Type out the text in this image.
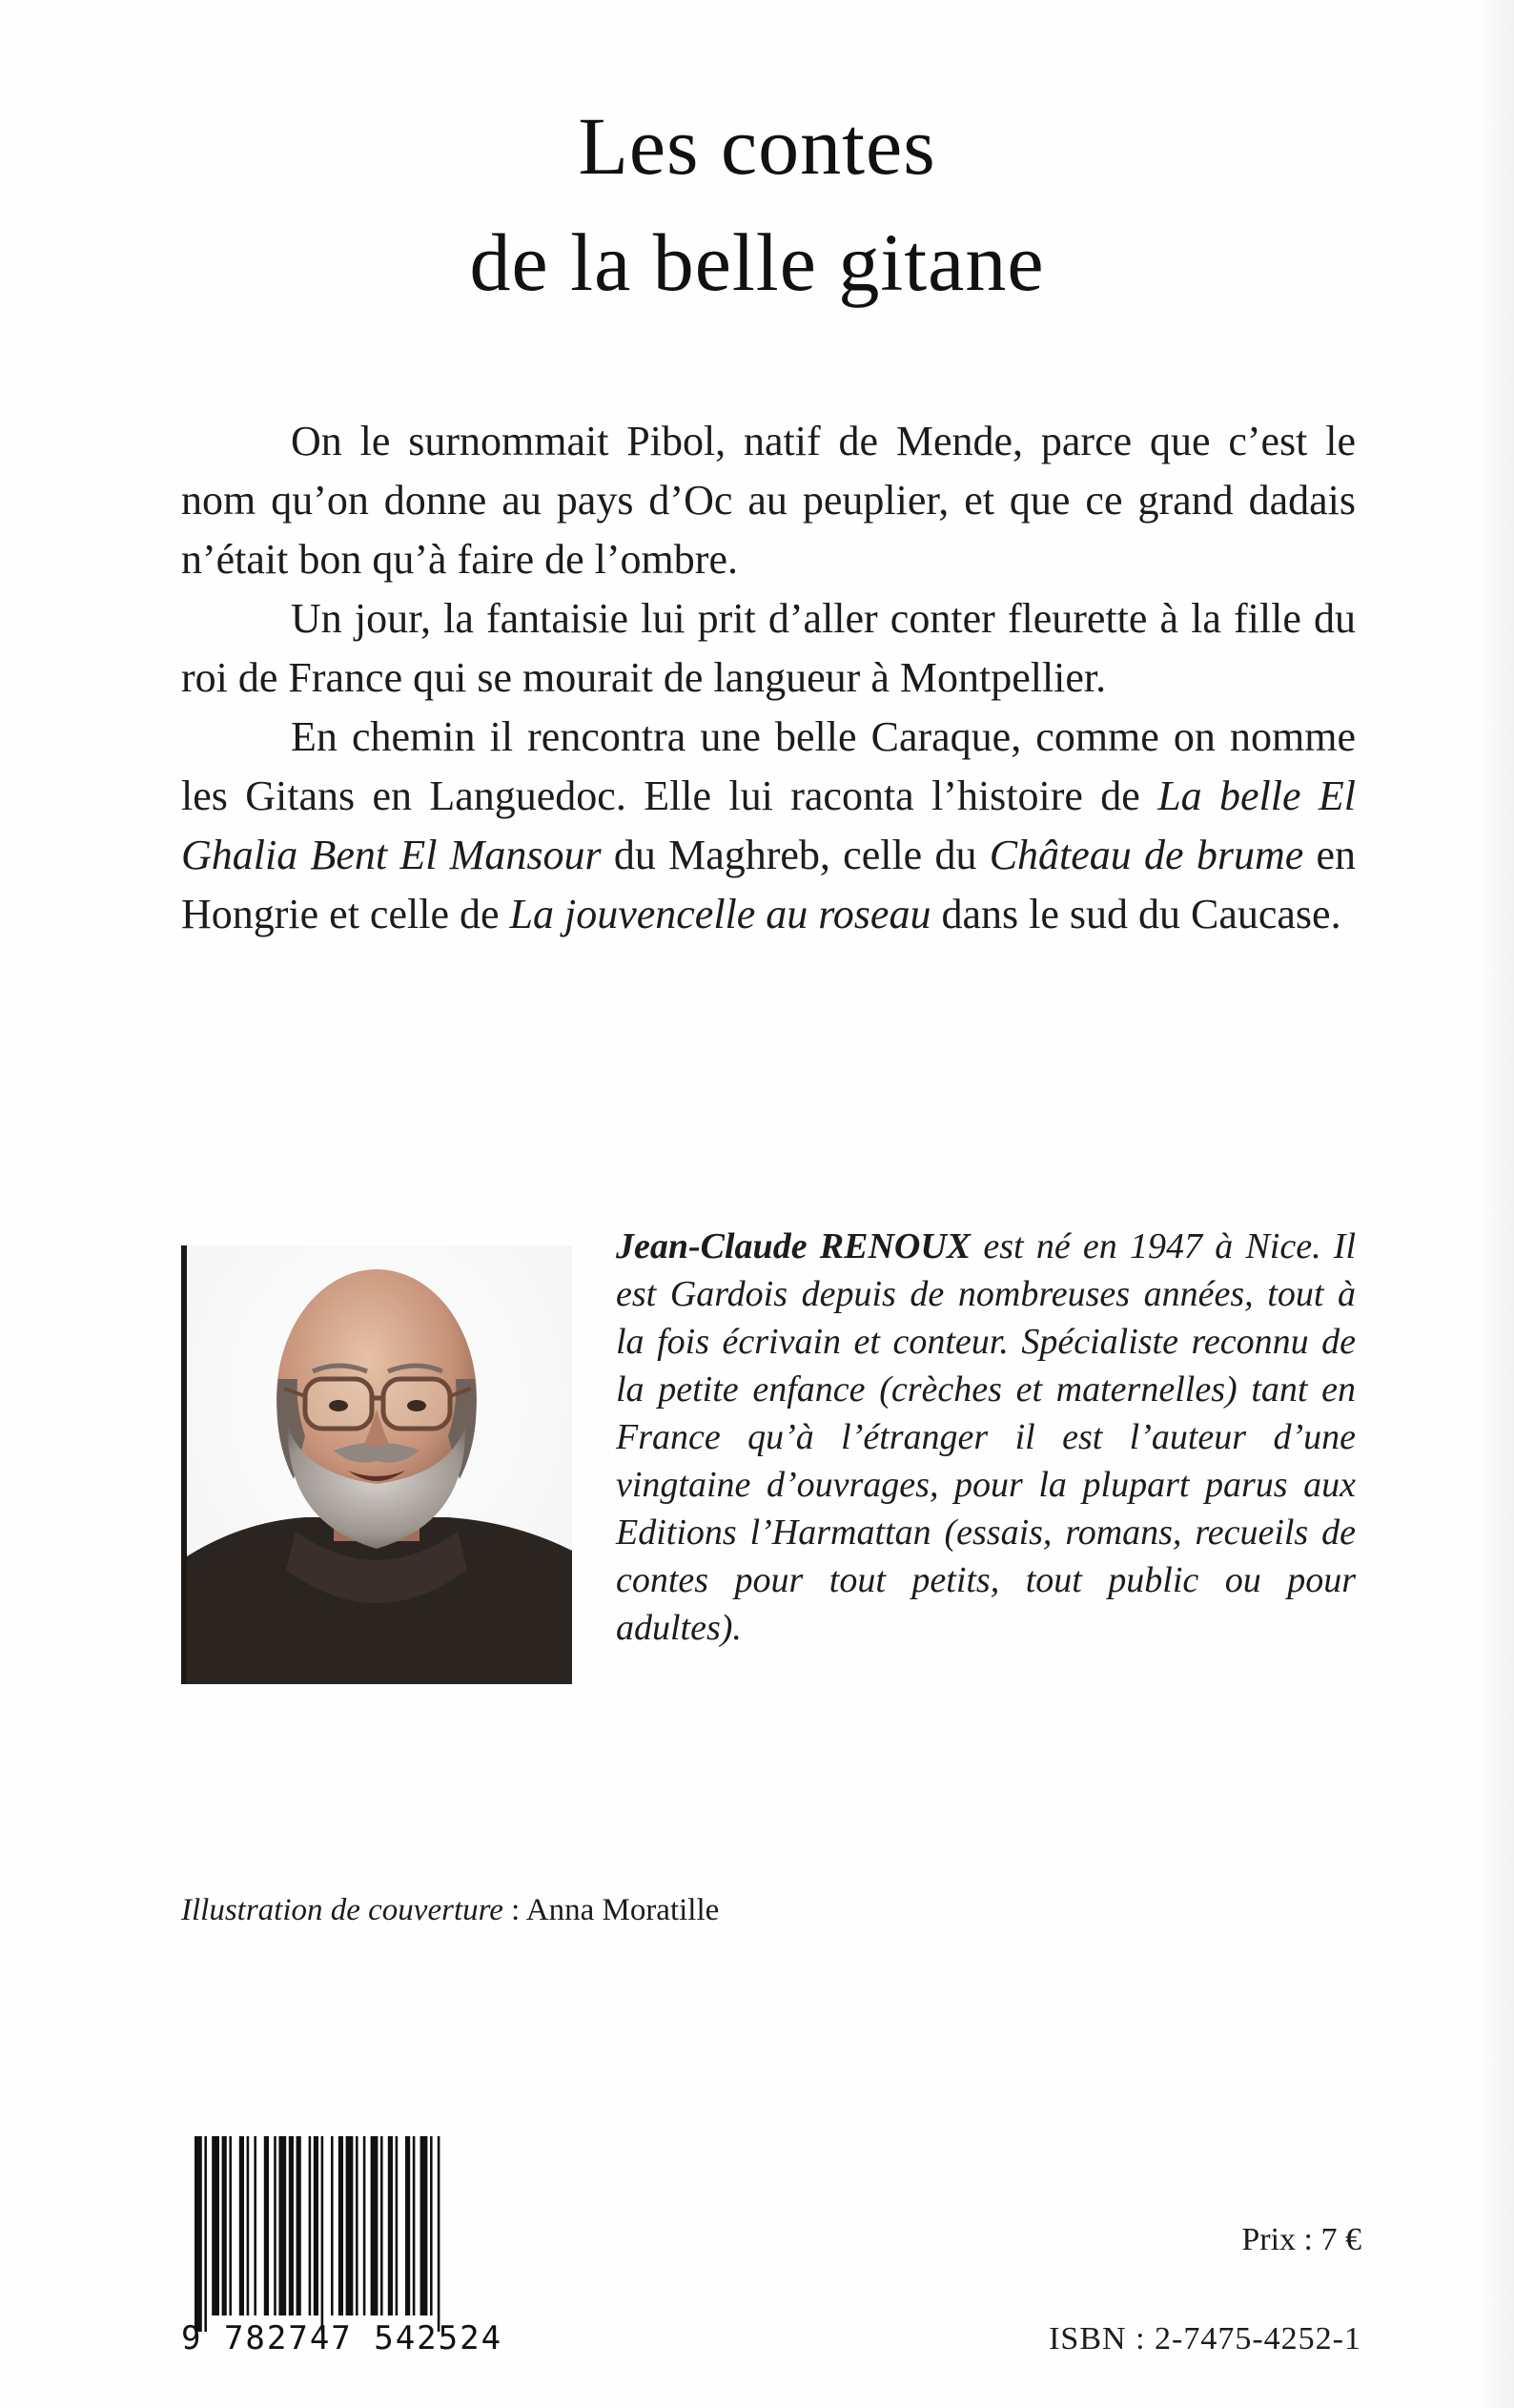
Les contes
de la belle gitane

On le surnommait Pibol, natif de Mende, parce que c’est le nom qu’on donne au pays d’Oc au peuplier, et que ce grand dadais n’était bon qu’à faire de l’ombre.

Un jour, la fantaisie lui prit d’aller conter fleurette à la fille du roi de France qui se mourait de langueur à Montpellier.

En chemin il rencontra une belle Caraque, comme on nomme les Gitans en Languedoc. Elle lui raconta l’histoire de La belle El Ghalia Bent El Mansour du Maghreb, celle du Château de brume en Hongrie et celle de La jouvencelle au roseau dans le sud du Caucase.

Jean-Claude RENOUX est né en 1947 à Nice. Il est Gardois depuis de nombreuses années, tout à la fois écrivain et conteur. Spécialiste reconnu de la petite enfance (crèches et maternelles) tant en France qu’à l’étranger il est l’auteur d’une vingtaine d’ouvrages, pour la plupart parus aux Editions l’Harmattan (essais, romans, recueils de contes pour tout petits, tout public ou pour adultes).
Illustration de couverture : Anna Moratille
9 782747 542524
Prix : 7 €
ISBN : 2-7475-4252-1
